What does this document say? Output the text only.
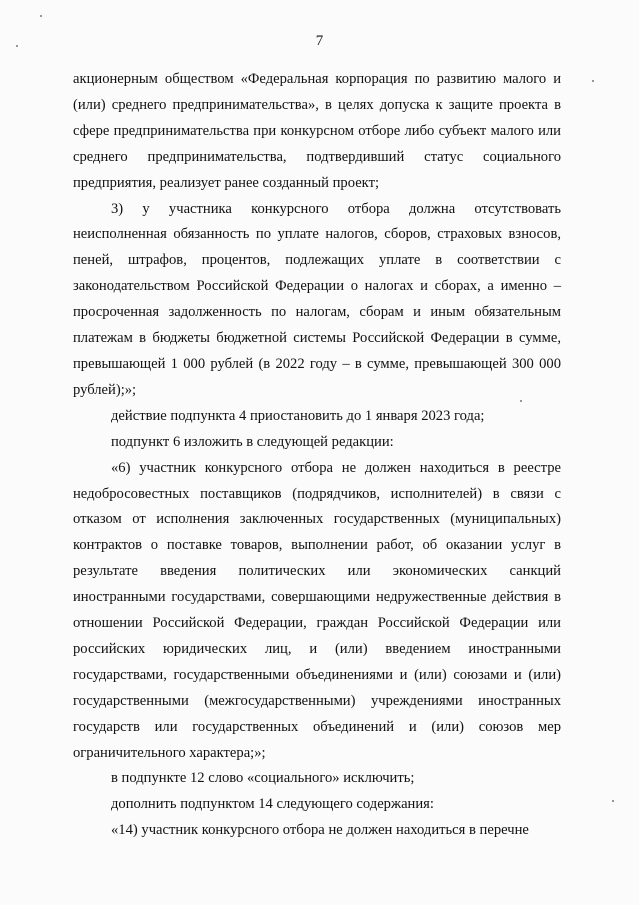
7

акционерным обществом «Федеральная корпорация по развитию малого и (или) среднего предпринимательства», в целях допуска к защите проекта в сфере предпринимательства при конкурсном отборе либо субъект малого или среднего предпринимательства, подтвердивший статус социального предприятия, реализует ранее созданный проект;

3) у участника конкурсного отбора должна отсутствовать неисполненная обязанность по уплате налогов, сборов, страховых взносов, пеней, штрафов, процентов, подлежащих уплате в соответствии с законодательством Российской Федерации о налогах и сборах, а именно – просроченная задолженность по налогам, сборам и иным обязательным платежам в бюджеты бюджетной системы Российской Федерации в сумме, превышающей 1 000 рублей (в 2022 году – в сумме, превышающей 300 000 рублей);»;

действие подпункта 4 приостановить до 1 января 2023 года;

подпункт 6 изложить в следующей редакции:

«6) участник конкурсного отбора не должен находиться в реестре недобросовестных поставщиков (подрядчиков, исполнителей) в связи с отказом от исполнения заключенных государственных (муниципальных) контрактов о поставке товаров, выполнении работ, об оказании услуг в результате введения политических или экономических санкций иностранными государствами, совершающими недружественные действия в отношении Российской Федерации, граждан Российской Федерации или российских юридических лиц, и (или) введением иностранными государствами, государственными объединениями и (или) союзами и (или) государственными (межгосударственными) учреждениями иностранных государств или государственных объединений и (или) союзов мер ограничительного характера;»;

в подпункте 12 слово «социального» исключить;

дополнить подпунктом 14 следующего содержания:

«14) участник конкурсного отбора не должен находиться в перечне
